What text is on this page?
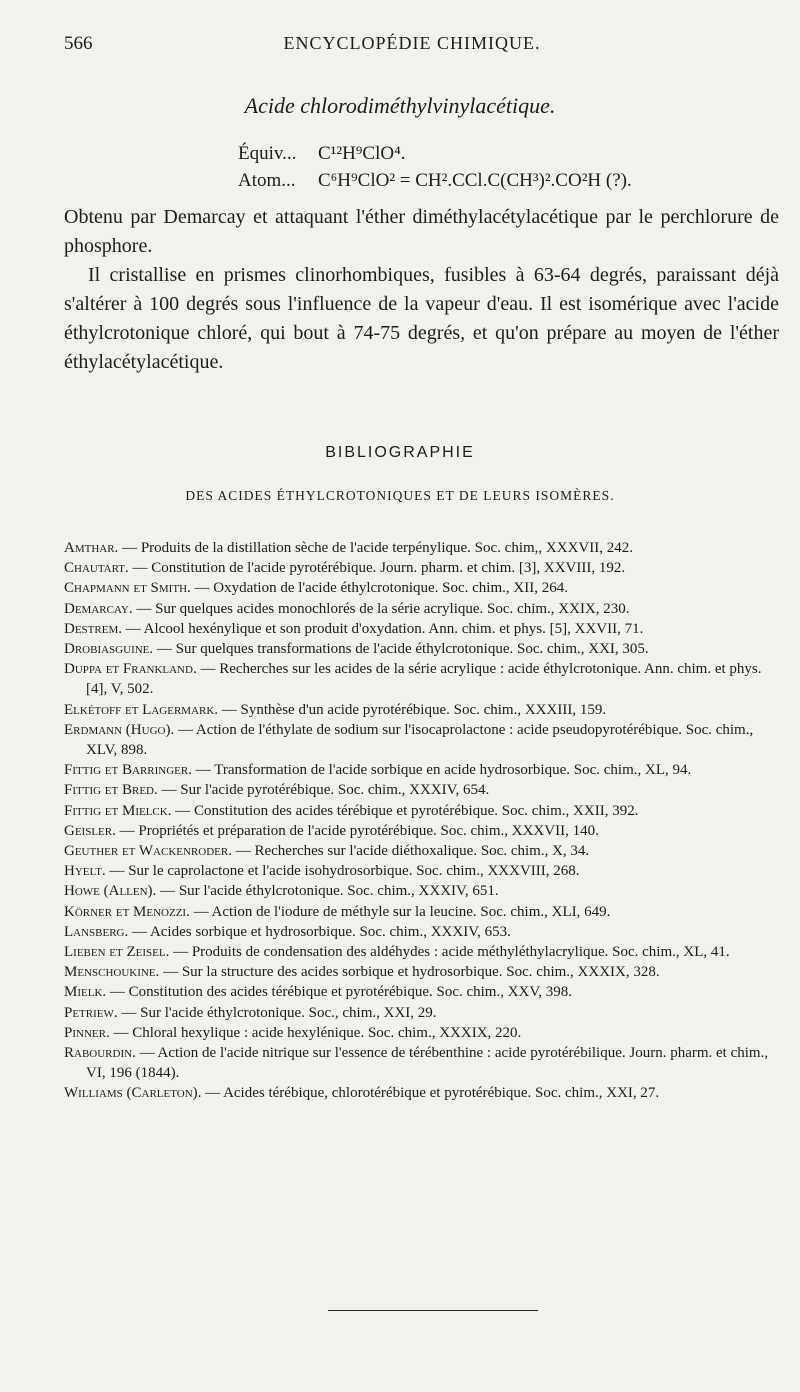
566	ENCYCLOPÉDIE CHIMIQUE.
Acide chlorodiméthylvinylacétique.
Équiv...	C¹²H⁹ClO⁴.
Atom...	C⁶H⁹ClO² = CH².CCl.C(CH³)².CO²H (?).

Obtenu par Demarcay et attaquant l'éther diméthylacétylacétique par le perchlorure de phosphore.

Il cristallise en prismes clinorhombiques, fusibles à 63-64 degrés, paraissant déjà s'altérer à 100 degrés sous l'influence de la vapeur d'eau. Il est isomérique avec l'acide éthylcrotonique chloré, qui bout à 74-75 degrés, et qu'on prépare au moyen de l'éther éthylacétylacétique.

BIBLIOGRAPHIE
DES ACIDES ÉTHYLCROTONIQUES ET DE LEURS ISOMÈRES.

Amthar. — Produits de la distillation sèche de l'acide terpénylique. Soc. chim,, XXXVII, 242.

Chautart. — Constitution de l'acide pyrotérébique. Journ. pharm. et chim. [3], XXVIII, 192.

Chapmann et Smith. — Oxydation de l'acide éthylcrotonique. Soc. chim., XII, 264.

Demarcay. — Sur quelques acides monochlorés de la série acrylique. Soc. chim., XXIX, 230.

Destrem. — Alcool hexénylique et son produit d'oxydation. Ann. chim. et phys. [5], XXVII, 71.

Drobiasguine. — Sur quelques transformations de l'acide éthylcrotonique. Soc. chim., XXI, 305.

Duppa et Frankland. — Recherches sur les acides de la série acrylique : acide éthylcrotonique. Ann. chim. et phys. [4], V, 502.

Elkétoff et Lagermark. — Synthèse d'un acide pyrotérébique. Soc. chim., XXXIII, 159.

Erdmann (Hugo). — Action de l'éthylate de sodium sur l'isocaprolactone : acide pseudopyrotérébique. Soc. chim., XLV, 898.

Fittig et Barringer. — Transformation de l'acide sorbique en acide hydrosorbique. Soc. chim., XL, 94.

Fittig et Bred. — Sur l'acide pyrotérébique. Soc. chim., XXXIV, 654.

Fittig et Mielck. — Constitution des acides térébique et pyrotérébique. Soc. chim., XXII, 392.

Geisler. — Propriétés et préparation de l'acide pyrotérébique. Soc. chim., XXXVII, 140.

Geuther et Wackenroder. — Recherches sur l'acide diéthoxalique. Soc. chim., X, 34.

Hyelt. — Sur le caprolactone et l'acide isohydrosorbique. Soc. chim., XXXVIII, 268.

Howe (Allen). — Sur l'acide éthylcrotonique. Soc. chim., XXXIV, 651.

Körner et Menozzi. — Action de l'iodure de méthyle sur la leucine. Soc. chim., XLI, 649.

Lansberg. — Acides sorbique et hydrosorbique. Soc. chim., XXXIV, 653.

Lieben et Zeisel. — Produits de condensation des aldéhydes : acide méthyléthylacrylique. Soc. chim., XL, 41.

Menschoukine. — Sur la structure des acides sorbique et hydrosorbique. Soc. chim., XXXIX, 328.

Mielk. — Constitution des acides térébique et pyrotérébique. Soc. chim., XXV, 398.

Petriew. — Sur l'acide éthylcrotonique. Soc., chim., XXI, 29.

Pinner. — Chloral hexylique : acide hexylénique. Soc. chim., XXXIX, 220.

Rabourdin. — Action de l'acide nitrique sur l'essence de térébenthine : acide pyrotérébilique. Journ. pharm. et chim., VI, 196 (1844).

Williams (Carleton). — Acides térébique, chlorotérébique et pyrotérébique. Soc. chim., XXI, 27.
